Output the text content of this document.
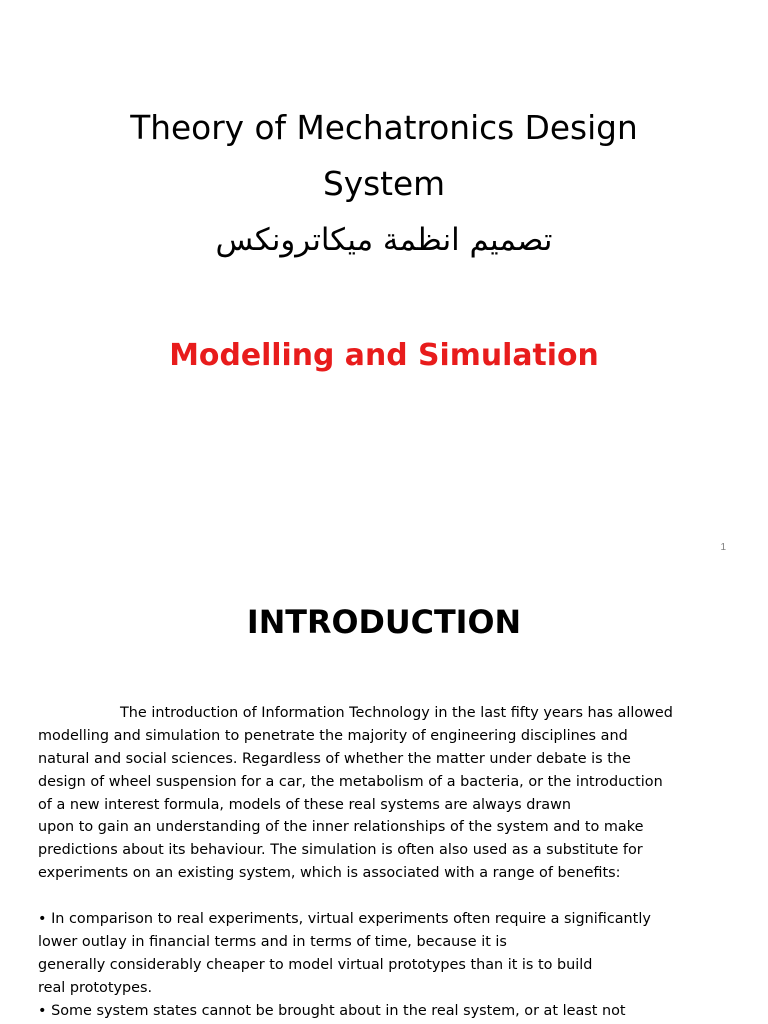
Theory of Mechatronics Design
System
تصميم انظمة ميكاترونكس
Modelling and Simulation
1
INTRODUCTION
The introduction of Information Technology in the last fifty years has allowed
modelling and simulation to penetrate the majority of engineering disciplines and
natural and social sciences. Regardless of whether the matter under debate is the
design of wheel suspension for a car, the metabolism of a bacteria, or the introduction
of a new interest formula, models of these real systems are always drawn
upon to gain an understanding of the inner relationships of the system and to make
predictions about its behaviour. The simulation is often also used as a substitute for
experiments on an existing system, which is associated with a range of benefits:
• In comparison to real experiments, virtual experiments often require a significantly
lower outlay in financial terms and in terms of time, because it is
generally considerably cheaper to model virtual prototypes than it is to build
real prototypes.
• Some system states cannot be brought about in the real system, or at least not
